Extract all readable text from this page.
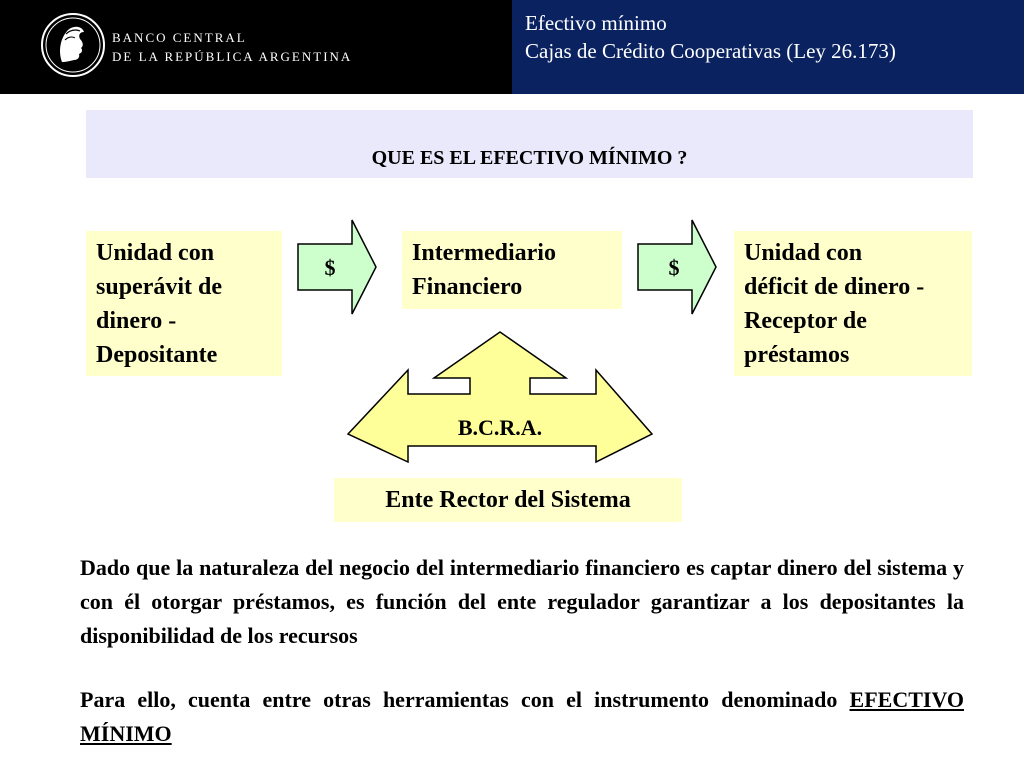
BANCO CENTRAL
DE LA REPÚBLICA ARGENTINA
Efectivo mínimo
Cajas de Crédito Cooperativas (Ley 26.173)
QUE ES EL EFECTIVO MÍNIMO ?
Unidad con
superávit de
dinero -
Depositante
$
Intermediario
Financiero
$
Unidad con
déficit de dinero -
Receptor de
préstamos
B.C.R.A.
Ente Rector del Sistema

Dado que la naturaleza del negocio del intermediario financiero es captar dinero del sistema y con él otorgar préstamos, es función del ente regulador garantizar a los depositantes la disponibilidad de los recursos

Para ello, cuenta entre otras herramientas con el instrumento denominado EFECTIVO MÍNIMO
